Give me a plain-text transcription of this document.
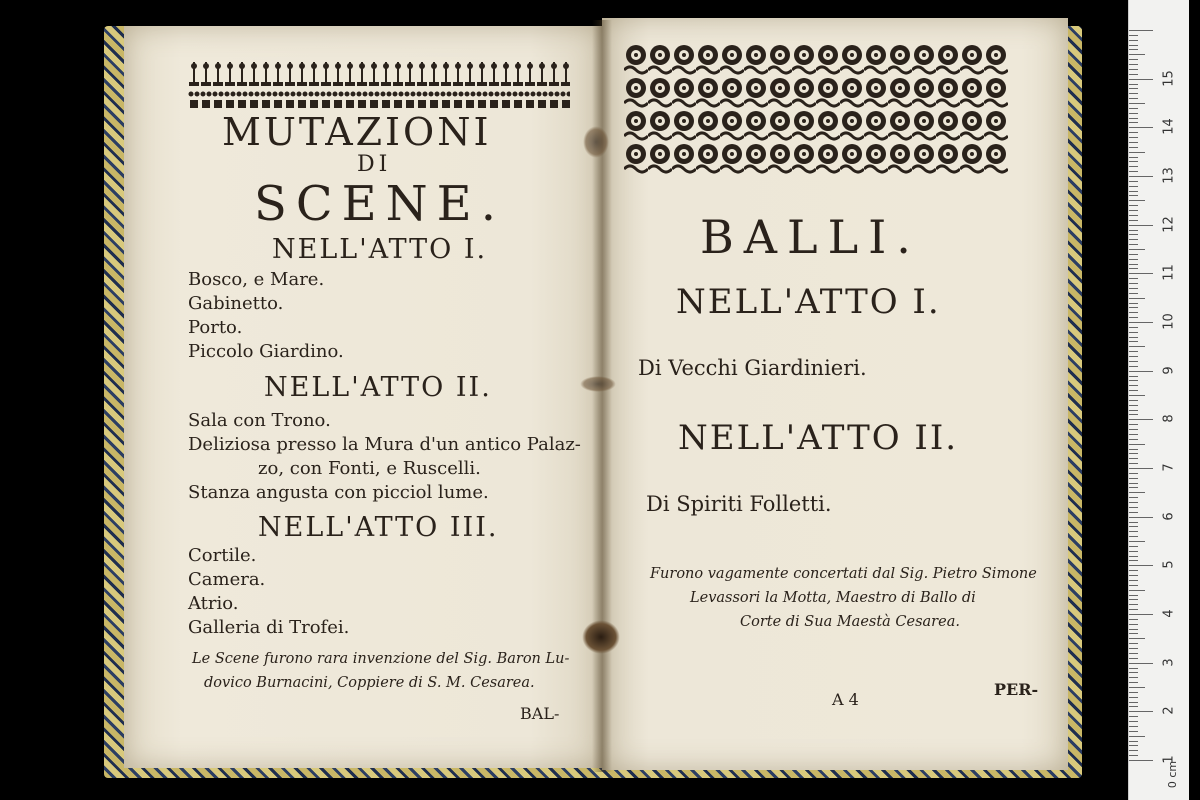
MUTAZIONI
DI
SCENE.
NELL'ATTO I.
Bosco, e Mare.
Gabinetto.
Porto.
Piccolo Giardino.
NELL'ATTO II.
Sala con Trono.
Deliziosa presso la Mura d'un antico Palaz-
zo, con Fonti, e Ruscelli.
Stanza angusta con picciol lume.
NELL'ATTO III.
Cortile.
Camera.
Atrio.
Galleria di Trofei.
Le Scene furono rara invenzione del Sig. Baron Lu-
dovico Burnacini, Coppiere di S. M. Cesarea.
BAL-
BALLI.
NELL'ATTO I.
Di Vecchi Giardinieri.
NELL'ATTO II.
Di Spiriti Folletti.
Furono vagamente concertati dal Sig. Pietro Simone
Levassori la Motta, Maestro di Ballo di
Corte di Sua Maestà Cesarea.
A 4
PER-
15
14
13
12
11
10
9
8
7
6
5
4
3
2
1
0 cm
